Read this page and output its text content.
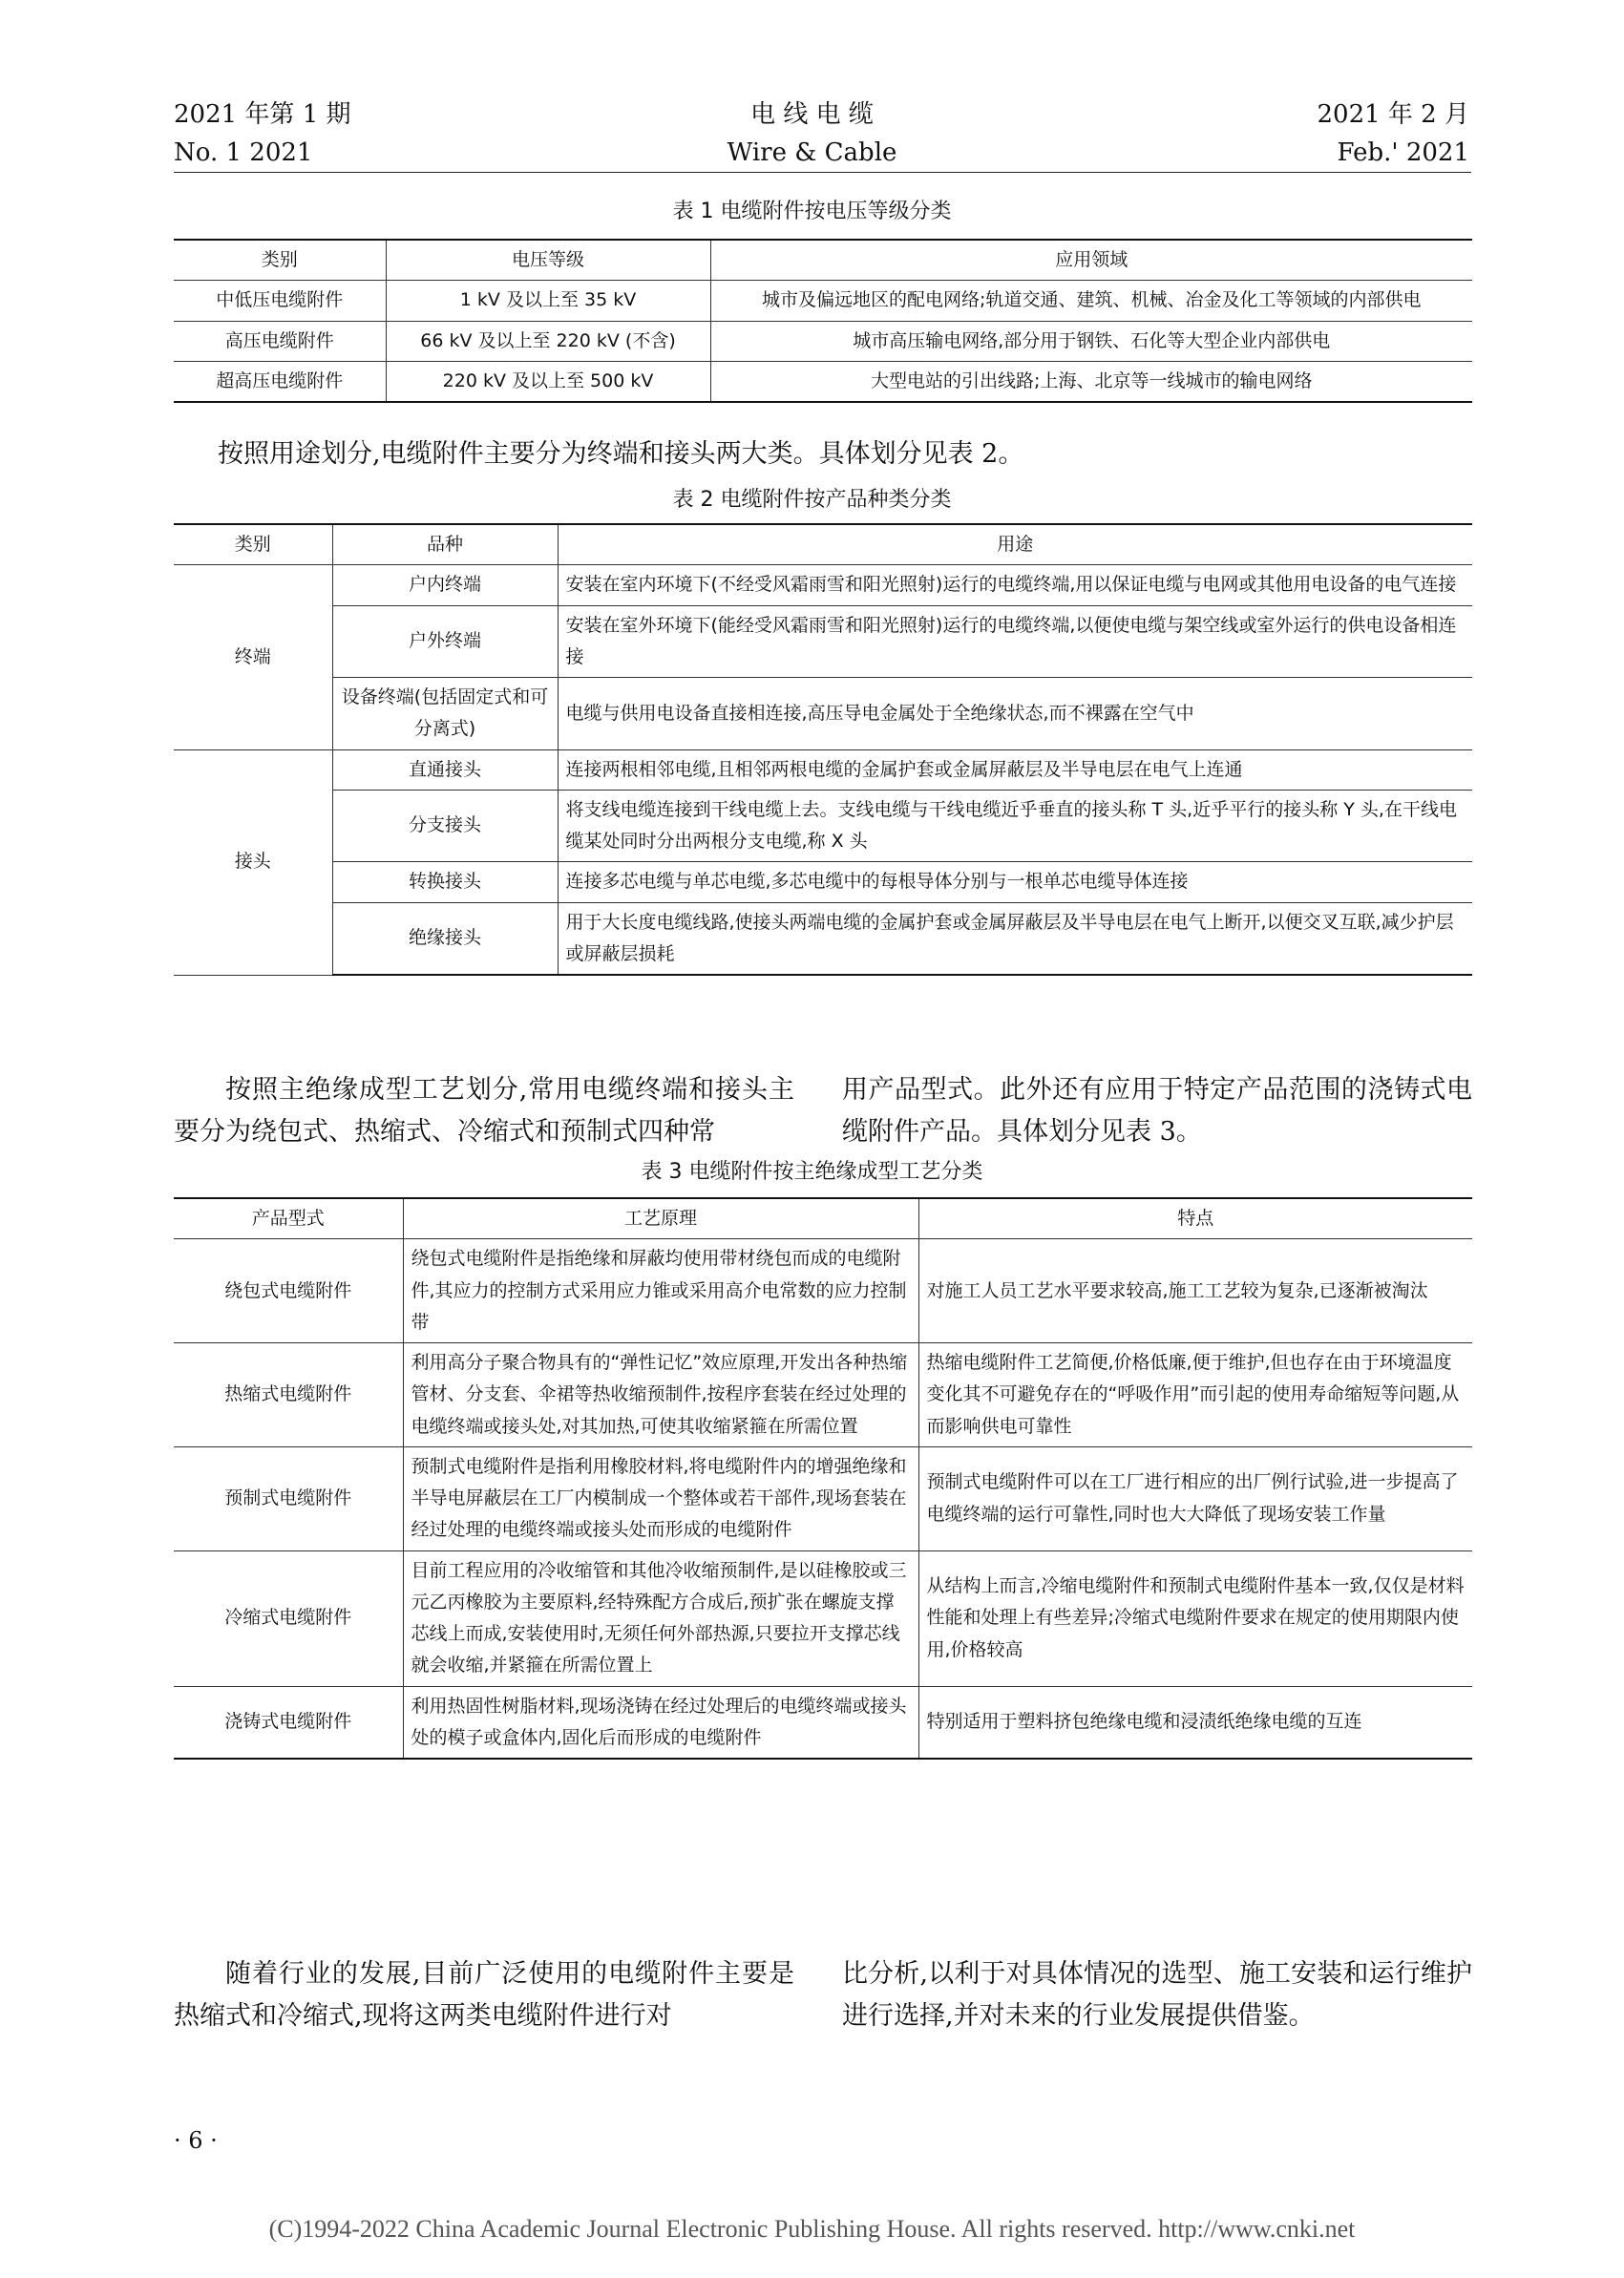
2021 年第 1 期
No. 1 2021
电 线 电 缆
Wire & Cable
2021 年 2 月
Feb.' 2021
表 1 电缆附件按电压等级分类
类别	电压等级	应用领域
中低压电缆附件	1 kV 及以上至 35 kV	城市及偏远地区的配电网络;轨道交通、建筑、机械、冶金及化工等领域的内部供电
高压电缆附件	66 kV 及以上至 220 kV (不含)	城市高压输电网络,部分用于钢铁、石化等大型企业内部供电
超高压电缆附件	220 kV 及以上至 500 kV	大型电站的引出线路;上海、北京等一线城市的输电网络
按照用途划分,电缆附件主要分为终端和接头两大类。具体划分见表 2。
表 2 电缆附件按产品种类分类
类别	品种	用途
终端	户内终端	安装在室内环境下(不经受风霜雨雪和阳光照射)运行的电缆终端,用以保证电缆与电网或其他用电设备的电气连接
	户外终端	安装在室外环境下(能经受风霜雨雪和阳光照射)运行的电缆终端,以便使电缆与架空线或室外运行的供电设备相连接
	设备终端(包括固定式和可分离式)	电缆与供用电设备直接相连接,高压导电金属处于全绝缘状态,而不裸露在空气中
接头	直通接头	连接两根相邻电缆,且相邻两根电缆的金属护套或金属屏蔽层及半导电层在电气上连通
	分支接头	将支线电缆连接到干线电缆上去。支线电缆与干线电缆近乎垂直的接头称 T 头,近乎平行的接头称 Y 头,在干线电缆某处同时分出两根分支电缆,称 X 头
	转换接头	连接多芯电缆与单芯电缆,多芯电缆中的每根导体分别与一根单芯电缆导体连接
	绝缘接头	用于大长度电缆线路,使接头两端电缆的金属护套或金属屏蔽层及半导电层在电气上断开,以便交叉互联,减少护层或屏蔽层损耗
按照主绝缘成型工艺划分,常用电缆终端和接头主要分为绕包式、热缩式、冷缩式和预制式四种常
用产品型式。此外还有应用于特定产品范围的浇铸式电缆附件产品。具体划分见表 3。
表 3 电缆附件按主绝缘成型工艺分类
产品型式	工艺原理	特点
绕包式电缆附件	绕包式电缆附件是指绝缘和屏蔽均使用带材绕包而成的电缆附件,其应力的控制方式采用应力锥或采用高介电常数的应力控制带	对施工人员工艺水平要求较高,施工工艺较为复杂,已逐渐被淘汰
热缩式电缆附件	利用高分子聚合物具有的“弹性记忆”效应原理,开发出各种热缩管材、分支套、伞裙等热收缩预制件,按程序套装在经过处理的电缆终端或接头处,对其加热,可使其收缩紧箍在所需位置	热缩电缆附件工艺简便,价格低廉,便于维护,但也存在由于环境温度变化其不可避免存在的“呼吸作用”而引起的使用寿命缩短等问题,从而影响供电可靠性
预制式电缆附件	预制式电缆附件是指利用橡胶材料,将电缆附件内的增强绝缘和半导电屏蔽层在工厂内模制成一个整体或若干部件,现场套装在经过处理的电缆终端或接头处而形成的电缆附件	预制式电缆附件可以在工厂进行相应的出厂例行试验,进一步提高了电缆终端的运行可靠性,同时也大大降低了现场安装工作量
冷缩式电缆附件	目前工程应用的冷收缩管和其他冷收缩预制件,是以硅橡胶或三元乙丙橡胶为主要原料,经特殊配方合成后,预扩张在螺旋支撑芯线上而成,安装使用时,无须任何外部热源,只要拉开支撑芯线就会收缩,并紧箍在所需位置上	从结构上而言,冷缩电缆附件和预制式电缆附件基本一致,仅仅是材料性能和处理上有些差异;冷缩式电缆附件要求在规定的使用期限内使用,价格较高
浇铸式电缆附件	利用热固性树脂材料,现场浇铸在经过处理后的电缆终端或接头处的模子或盒体内,固化后而形成的电缆附件	特别适用于塑料挤包绝缘电缆和浸渍纸绝缘电缆的互连
随着行业的发展,目前广泛使用的电缆附件主要是热缩式和冷缩式,现将这两类电缆附件进行对
比分析,以利于对具体情况的选型、施工安装和运行维护进行选择,并对未来的行业发展提供借鉴。
· 6 ·
(C)1994-2022 China Academic Journal Electronic Publishing House. All rights reserved. http://www.cnki.net
